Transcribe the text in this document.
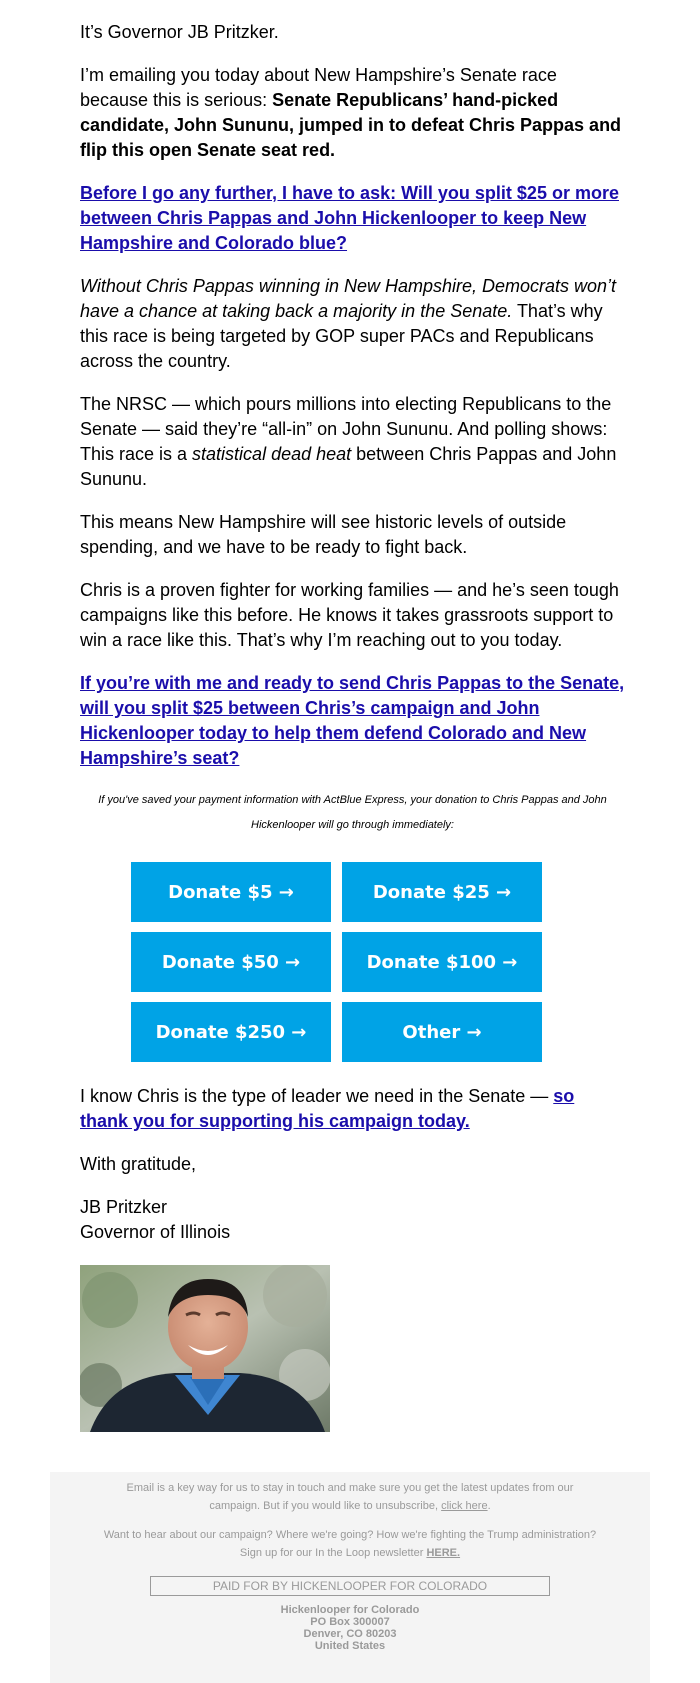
It’s Governor JB Pritzker.

I’m emailing you today about New Hampshire’s Senate race because this is serious: Senate Republicans’ hand-picked candidate, John Sununu, jumped in to defeat Chris Pappas and flip this open Senate seat red.

Before I go any further, I have to ask: Will you split $25 or more between Chris Pappas and John Hickenlooper to keep New Hampshire and Colorado blue?

Without Chris Pappas winning in New Hampshire, Democrats won’t have a chance at taking back a majority in the Senate. That’s why this race is being targeted by GOP super PACs and Republicans across the country.

The NRSC — which pours millions into electing Republicans to the Senate — said they’re “all-in” on John Sununu. And polling shows: This race is a statistical dead heat between Chris Pappas and John Sununu.

This means New Hampshire will see historic levels of outside spending, and we have to be ready to fight back.

Chris is a proven fighter for working families — and he’s seen tough campaigns like this before. He knows it takes grassroots support to win a race like this. That’s why I’m reaching out to you today.

If you’re with me and ready to send Chris Pappas to the Senate, will you split $25 between Chris’s campaign and John Hickenlooper today to help them defend Colorado and New Hampshire’s seat?

I know Chris is the type of leader we need in the Senate — so thank you for supporting his campaign today.

With gratitude,

JB Pritzker
Governor of Illinois

If you've saved your payment information with ActBlue Express, your donation to Chris Pappas and John
Hickenlooper will go through immediately:
Donate $5 →	Donate $25 →
Donate $50 →	Donate $100 →
Donate $250 →	Other →
Email is a key way for us to stay in touch and make sure you get the latest updates from our
campaign. But if you would like to unsubscribe, click here.
Want to hear about our campaign? Where we're going? How we're fighting the Trump administration?
Sign up for our In the Loop newsletter HERE.
PAID FOR BY HICKENLOOPER FOR COLORADO
Hickenlooper for Colorado
PO Box 300007
Denver, CO 80203
United States
